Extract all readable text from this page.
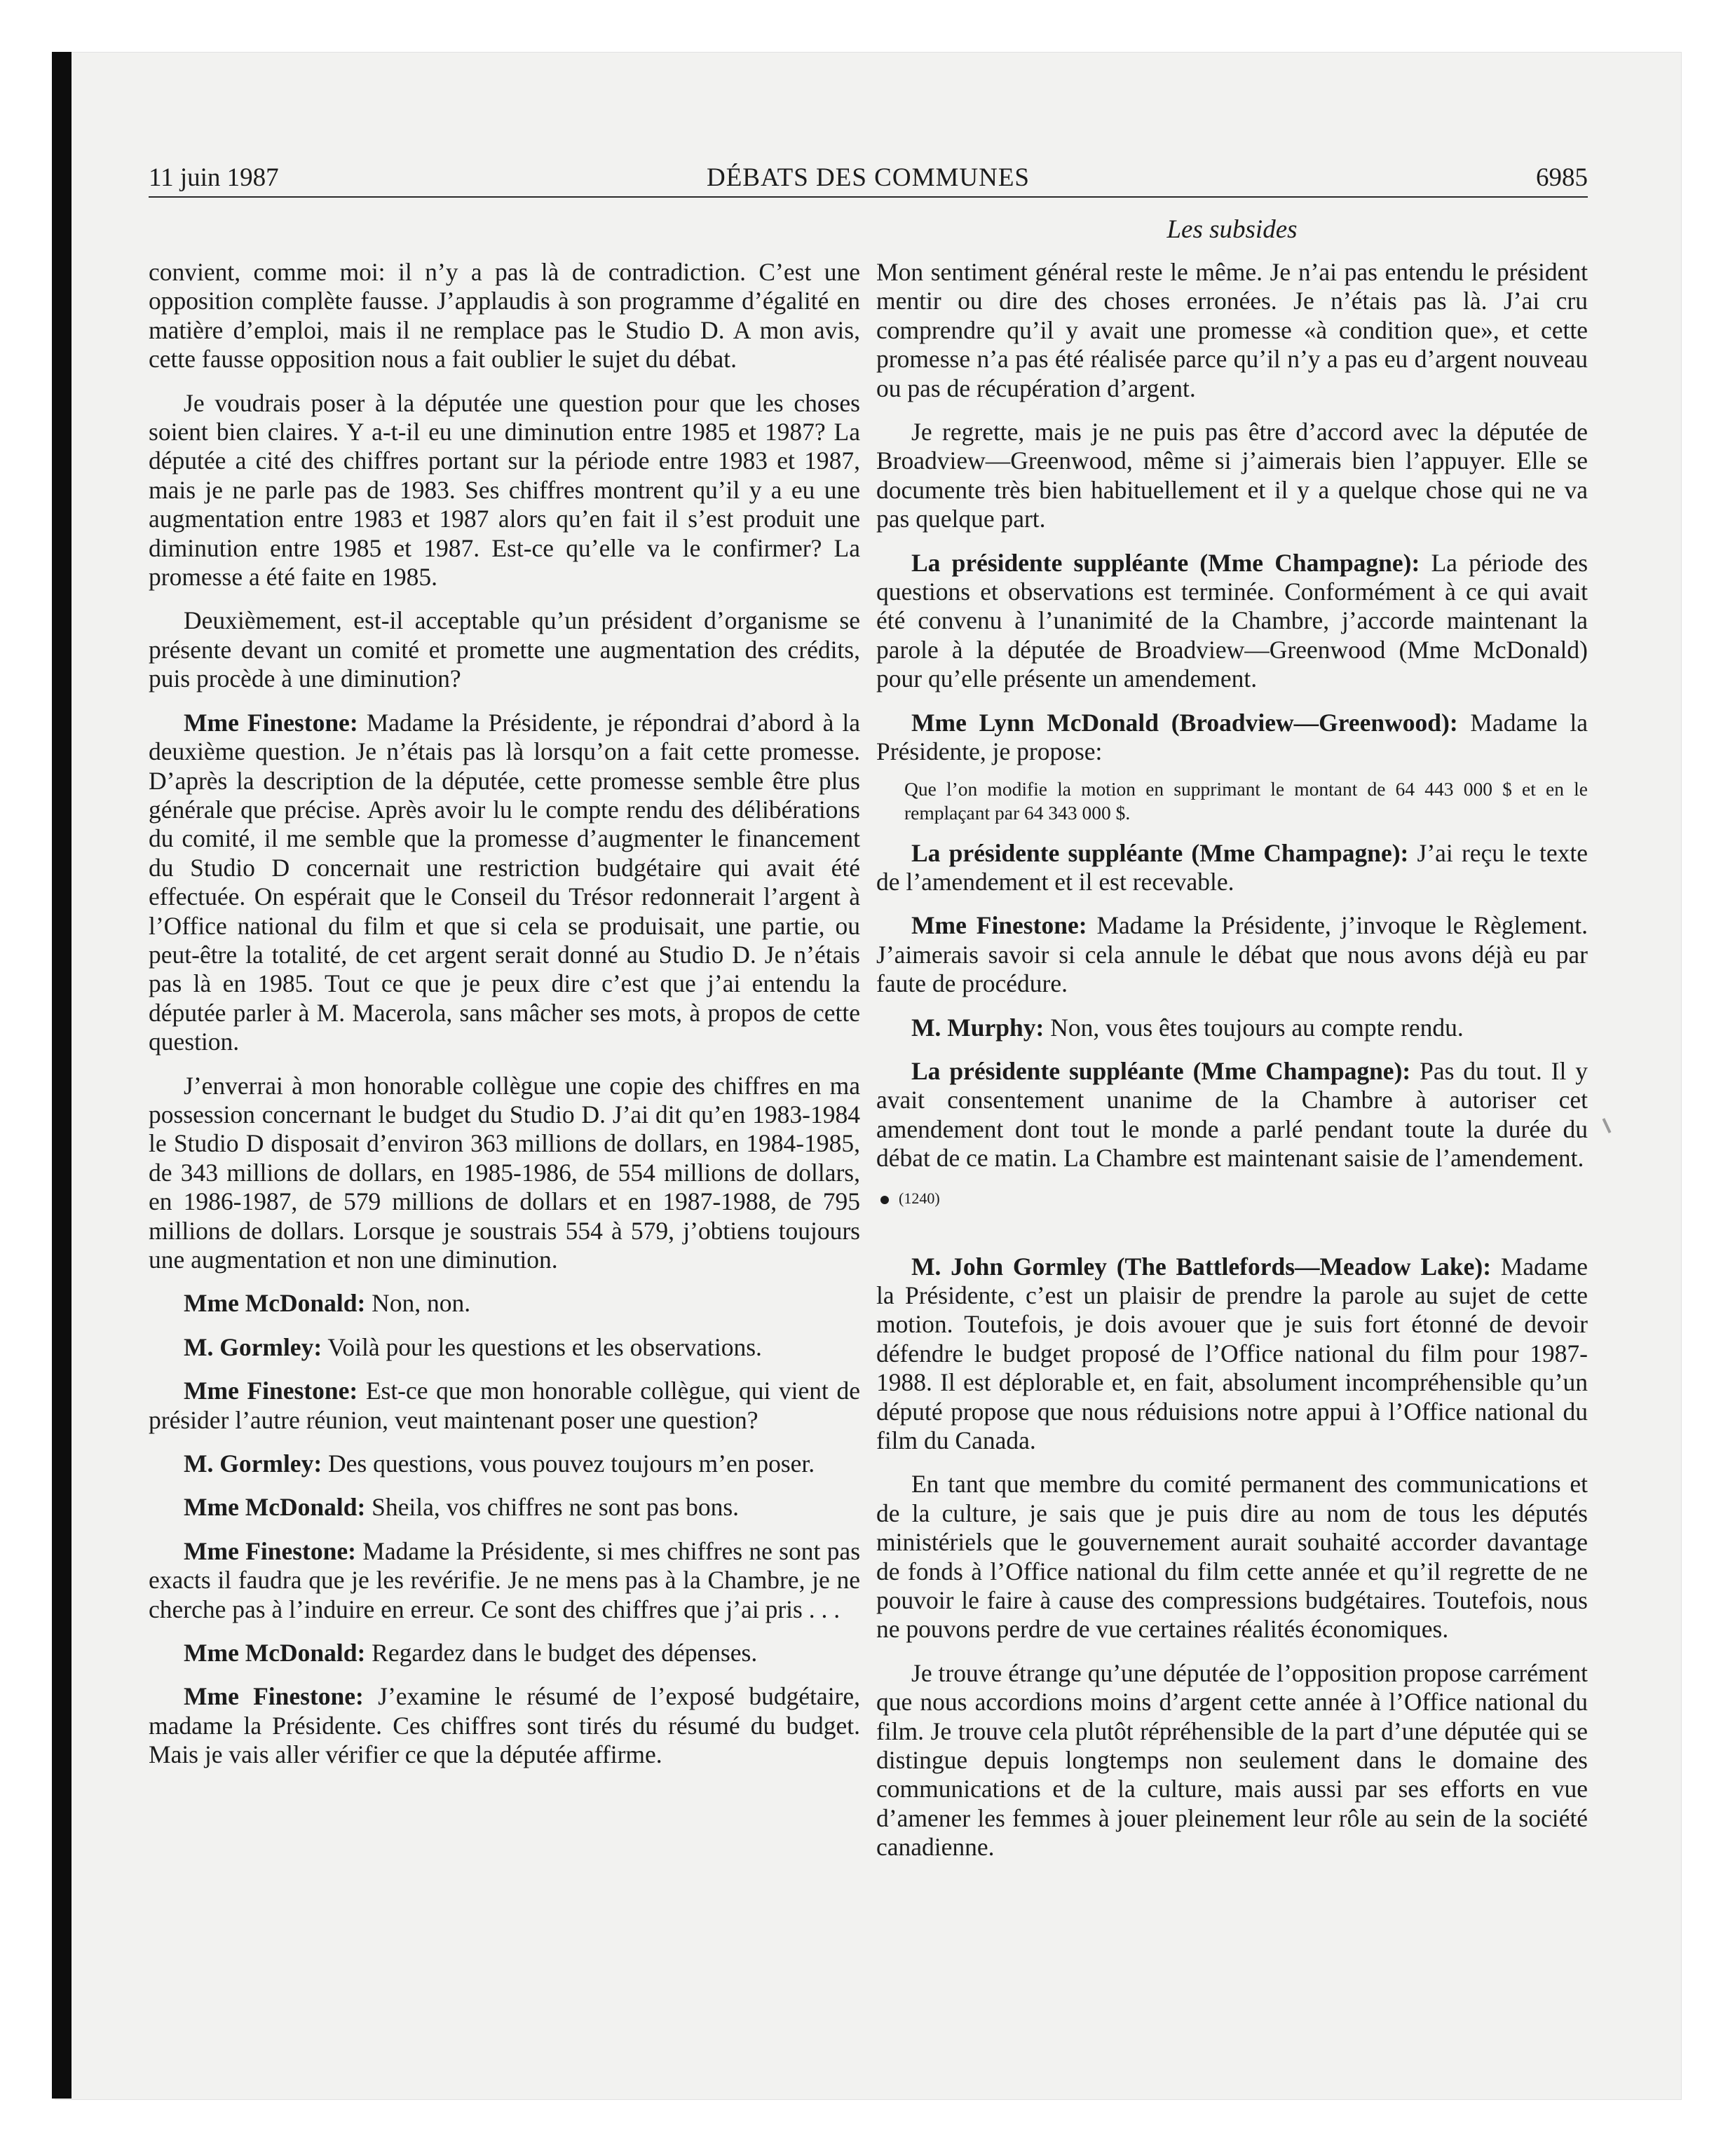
11 juin 1987	DÉBATS DES COMMUNES	6985
Les subsides

convient, comme moi: il n’y a pas là de contradiction. C’est une opposition complète fausse. J’applaudis à son programme d’égalité en matière d’emploi, mais il ne remplace pas le Studio D. A mon avis, cette fausse opposition nous a fait oublier le sujet du débat.

Je voudrais poser à la députée une question pour que les choses soient bien claires. Y a-t-il eu une diminution entre 1985 et 1987? La députée a cité des chiffres portant sur la période entre 1983 et 1987, mais je ne parle pas de 1983. Ses chiffres montrent qu’il y a eu une augmentation entre 1983 et 1987 alors qu’en fait il s’est produit une diminution entre 1985 et 1987. Est-ce qu’elle va le confirmer? La promesse a été faite en 1985.

Deuxièmement, est-il acceptable qu’un président d’organisme se présente devant un comité et promette une augmentation des crédits, puis procède à une diminution?

Mme Finestone: Madame la Présidente, je répondrai d’abord à la deuxième question. Je n’étais pas là lorsqu’on a fait cette promesse. D’après la description de la députée, cette promesse semble être plus générale que précise. Après avoir lu le compte rendu des délibérations du comité, il me semble que la promesse d’augmenter le financement du Studio D concernait une restriction budgétaire qui avait été effectuée. On espérait que le Conseil du Trésor redonnerait l’argent à l’Office national du film et que si cela se produisait, une partie, ou peut-être la totalité, de cet argent serait donné au Studio D. Je n’étais pas là en 1985. Tout ce que je peux dire c’est que j’ai entendu la députée parler à M. Macerola, sans mâcher ses mots, à propos de cette question.

J’enverrai à mon honorable collègue une copie des chiffres en ma possession concernant le budget du Studio D. J’ai dit qu’en 1983-1984 le Studio D disposait d’environ 363 millions de dollars, en 1984-1985, de 343 millions de dollars, en 1985-1986, de 554 millions de dollars, en 1986-1987, de 579 millions de dollars et en 1987-1988, de 795 millions de dollars. Lorsque je soustrais 554 à 579, j’obtiens toujours une augmentation et non une diminution.

Mme McDonald: Non, non.

M. Gormley: Voilà pour les questions et les observations.

Mme Finestone: Est-ce que mon honorable collègue, qui vient de présider l’autre réunion, veut maintenant poser une question?

M. Gormley: Des questions, vous pouvez toujours m’en poser.

Mme McDonald: Sheila, vos chiffres ne sont pas bons.

Mme Finestone: Madame la Présidente, si mes chiffres ne sont pas exacts il faudra que je les revérifie. Je ne mens pas à la Chambre, je ne cherche pas à l’induire en erreur. Ce sont des chiffres que j’ai pris . . .

Mme McDonald: Regardez dans le budget des dépenses.

Mme Finestone: J’examine le résumé de l’exposé budgétaire, madame la Présidente. Ces chiffres sont tirés du résumé du budget. Mais je vais aller vérifier ce que la députée affirme.

Mon sentiment général reste le même. Je n’ai pas entendu le président mentir ou dire des choses erronées. Je n’étais pas là. J’ai cru comprendre qu’il y avait une promesse «à condition que», et cette promesse n’a pas été réalisée parce qu’il n’y a pas eu d’argent nouveau ou pas de récupération d’argent.

Je regrette, mais je ne puis pas être d’accord avec la députée de Broadview—Greenwood, même si j’aimerais bien l’appuyer. Elle se documente très bien habituellement et il y a quelque chose qui ne va pas quelque part.

La présidente suppléante (Mme Champagne): La période des questions et observations est terminée. Conformément à ce qui avait été convenu à l’unanimité de la Chambre, j’accorde maintenant la parole à la députée de Broadview—Greenwood (Mme McDonald) pour qu’elle présente un amendement.

Mme Lynn McDonald (Broadview—Greenwood): Madame la Présidente, je propose:

Que l’on modifie la motion en supprimant le montant de 64 443 000 $ et en le remplaçant par 64 343 000 $.

La présidente suppléante (Mme Champagne): J’ai reçu le texte de l’amendement et il est recevable.

Mme Finestone: Madame la Présidente, j’invoque le Règlement. J’aimerais savoir si cela annule le débat que nous avons déjà eu par faute de procédure.

M. Murphy: Non, vous êtes toujours au compte rendu.

La présidente suppléante (Mme Champagne): Pas du tout. Il y avait consentement unanime de la Chambre à autoriser cet amendement dont tout le monde a parlé pendant toute la durée du débat de ce matin. La Chambre est maintenant saisie de l’amendement.

(1240)

M. John Gormley (The Battlefords—Meadow Lake): Madame la Présidente, c’est un plaisir de prendre la parole au sujet de cette motion. Toutefois, je dois avouer que je suis fort étonné de devoir défendre le budget proposé de l’Office national du film pour 1987-1988. Il est déplorable et, en fait, absolument incompréhensible qu’un député propose que nous réduisions notre appui à l’Office national du film du Canada.

En tant que membre du comité permanent des communications et de la culture, je sais que je puis dire au nom de tous les députés ministériels que le gouvernement aurait souhaité accorder davantage de fonds à l’Office national du film cette année et qu’il regrette de ne pouvoir le faire à cause des compressions budgétaires. Toutefois, nous ne pouvons perdre de vue certaines réalités économiques.

Je trouve étrange qu’une députée de l’opposition propose carrément que nous accordions moins d’argent cette année à l’Office national du film. Je trouve cela plutôt répréhensible de la part d’une députée qui se distingue depuis longtemps non seulement dans le domaine des communications et de la culture, mais aussi par ses efforts en vue d’amener les femmes à jouer pleinement leur rôle au sein de la société canadienne.
